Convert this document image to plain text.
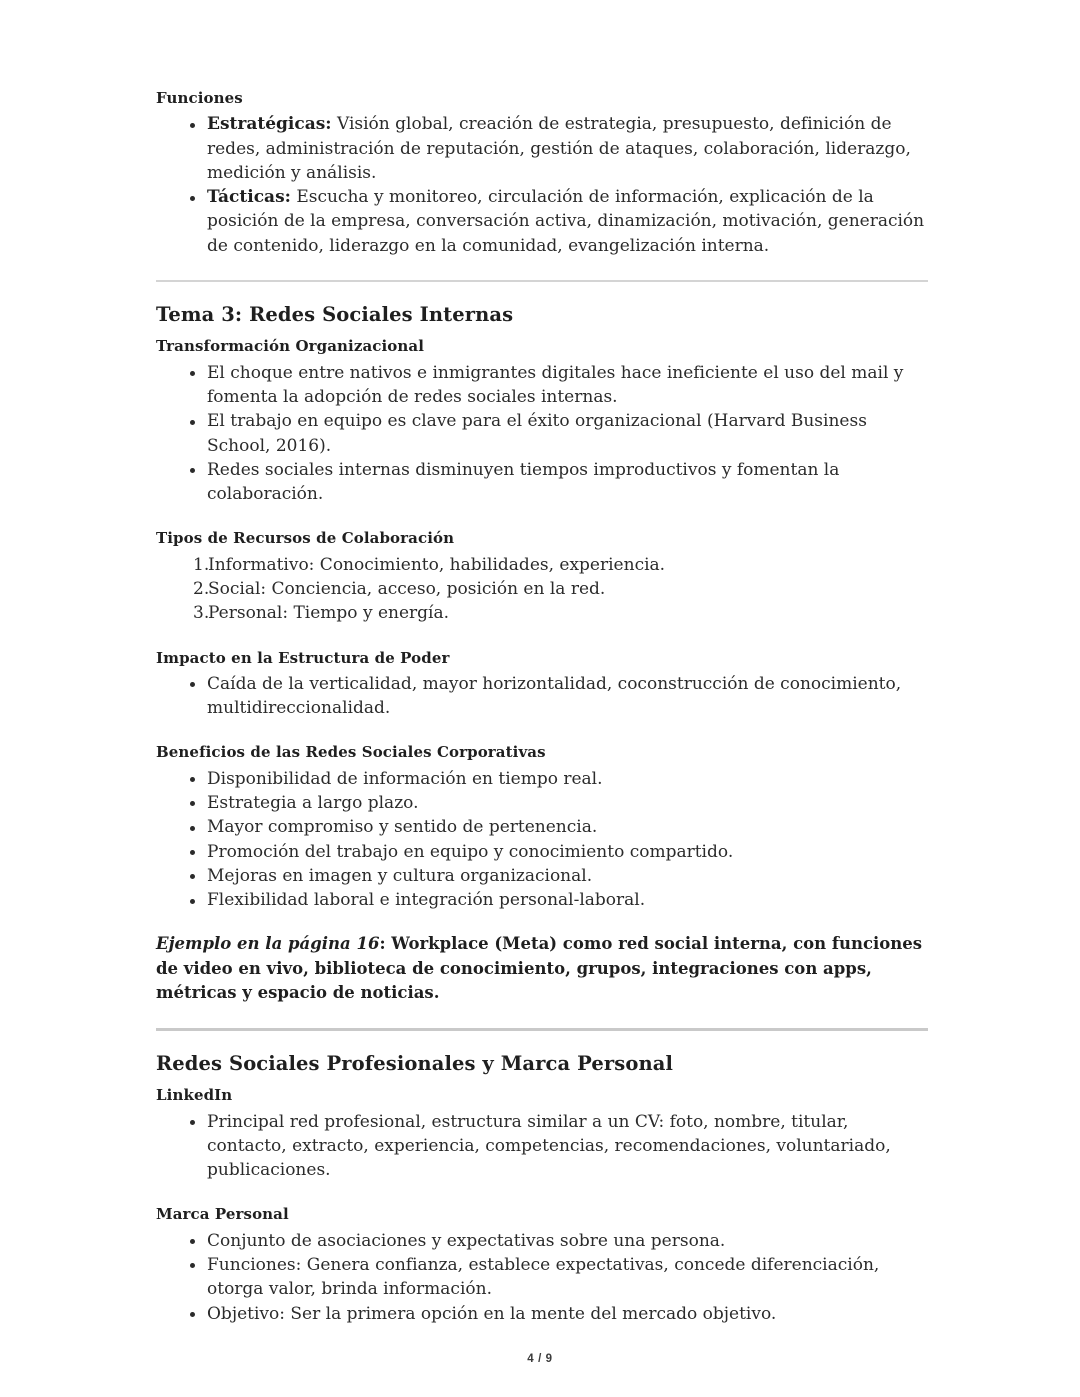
Funciones
Estratégicas: Visión global, creación de estrategia, presupuesto, definición de redes, administración de reputación, gestión de ataques, colaboración, liderazgo, medición y análisis.
Tácticas: Escucha y monitoreo, circulación de información, explicación de la posición de la empresa, conversación activa, dinamización, motivación, generación de contenido, liderazgo en la comunidad, evangelización interna.
Tema 3: Redes Sociales Internas
Transformación Organizacional
El choque entre nativos e inmigrantes digitales hace ineficiente el uso del mail y fomenta la adopción de redes sociales internas.
El trabajo en equipo es clave para el éxito organizacional (Harvard Business School, 2016).
Redes sociales internas disminuyen tiempos improductivos y fomentan la colaboración.
Tipos de Recursos de Colaboración
Informativo: Conocimiento, habilidades, experiencia.
Social: Conciencia, acceso, posición en la red.
Personal: Tiempo y energía.
Impacto en la Estructura de Poder
Caída de la verticalidad, mayor horizontalidad, coconstrucción de conocimiento, multidireccionalidad.
Beneficios de las Redes Sociales Corporativas
Disponibilidad de información en tiempo real.
Estrategia a largo plazo.
Mayor compromiso y sentido de pertenencia.
Promoción del trabajo en equipo y conocimiento compartido.
Mejoras en imagen y cultura organizacional.
Flexibilidad laboral e integración personal-laboral.

Ejemplo en la página 16: Workplace (Meta) como red social interna, con funciones de video en vivo, biblioteca de conocimiento, grupos, integraciones con apps, métricas y espacio de noticias.

Redes Sociales Profesionales y Marca Personal
LinkedIn
Principal red profesional, estructura similar a un CV: foto, nombre, titular, contacto, extracto, experiencia, competencias, recomendaciones, voluntariado, publicaciones.
Marca Personal
Conjunto de asociaciones y expectativas sobre una persona.
Funciones: Genera confianza, establece expectativas, concede diferenciación, otorga valor, brinda información.
Objetivo: Ser la primera opción en la mente del mercado objetivo.
4 / 9
